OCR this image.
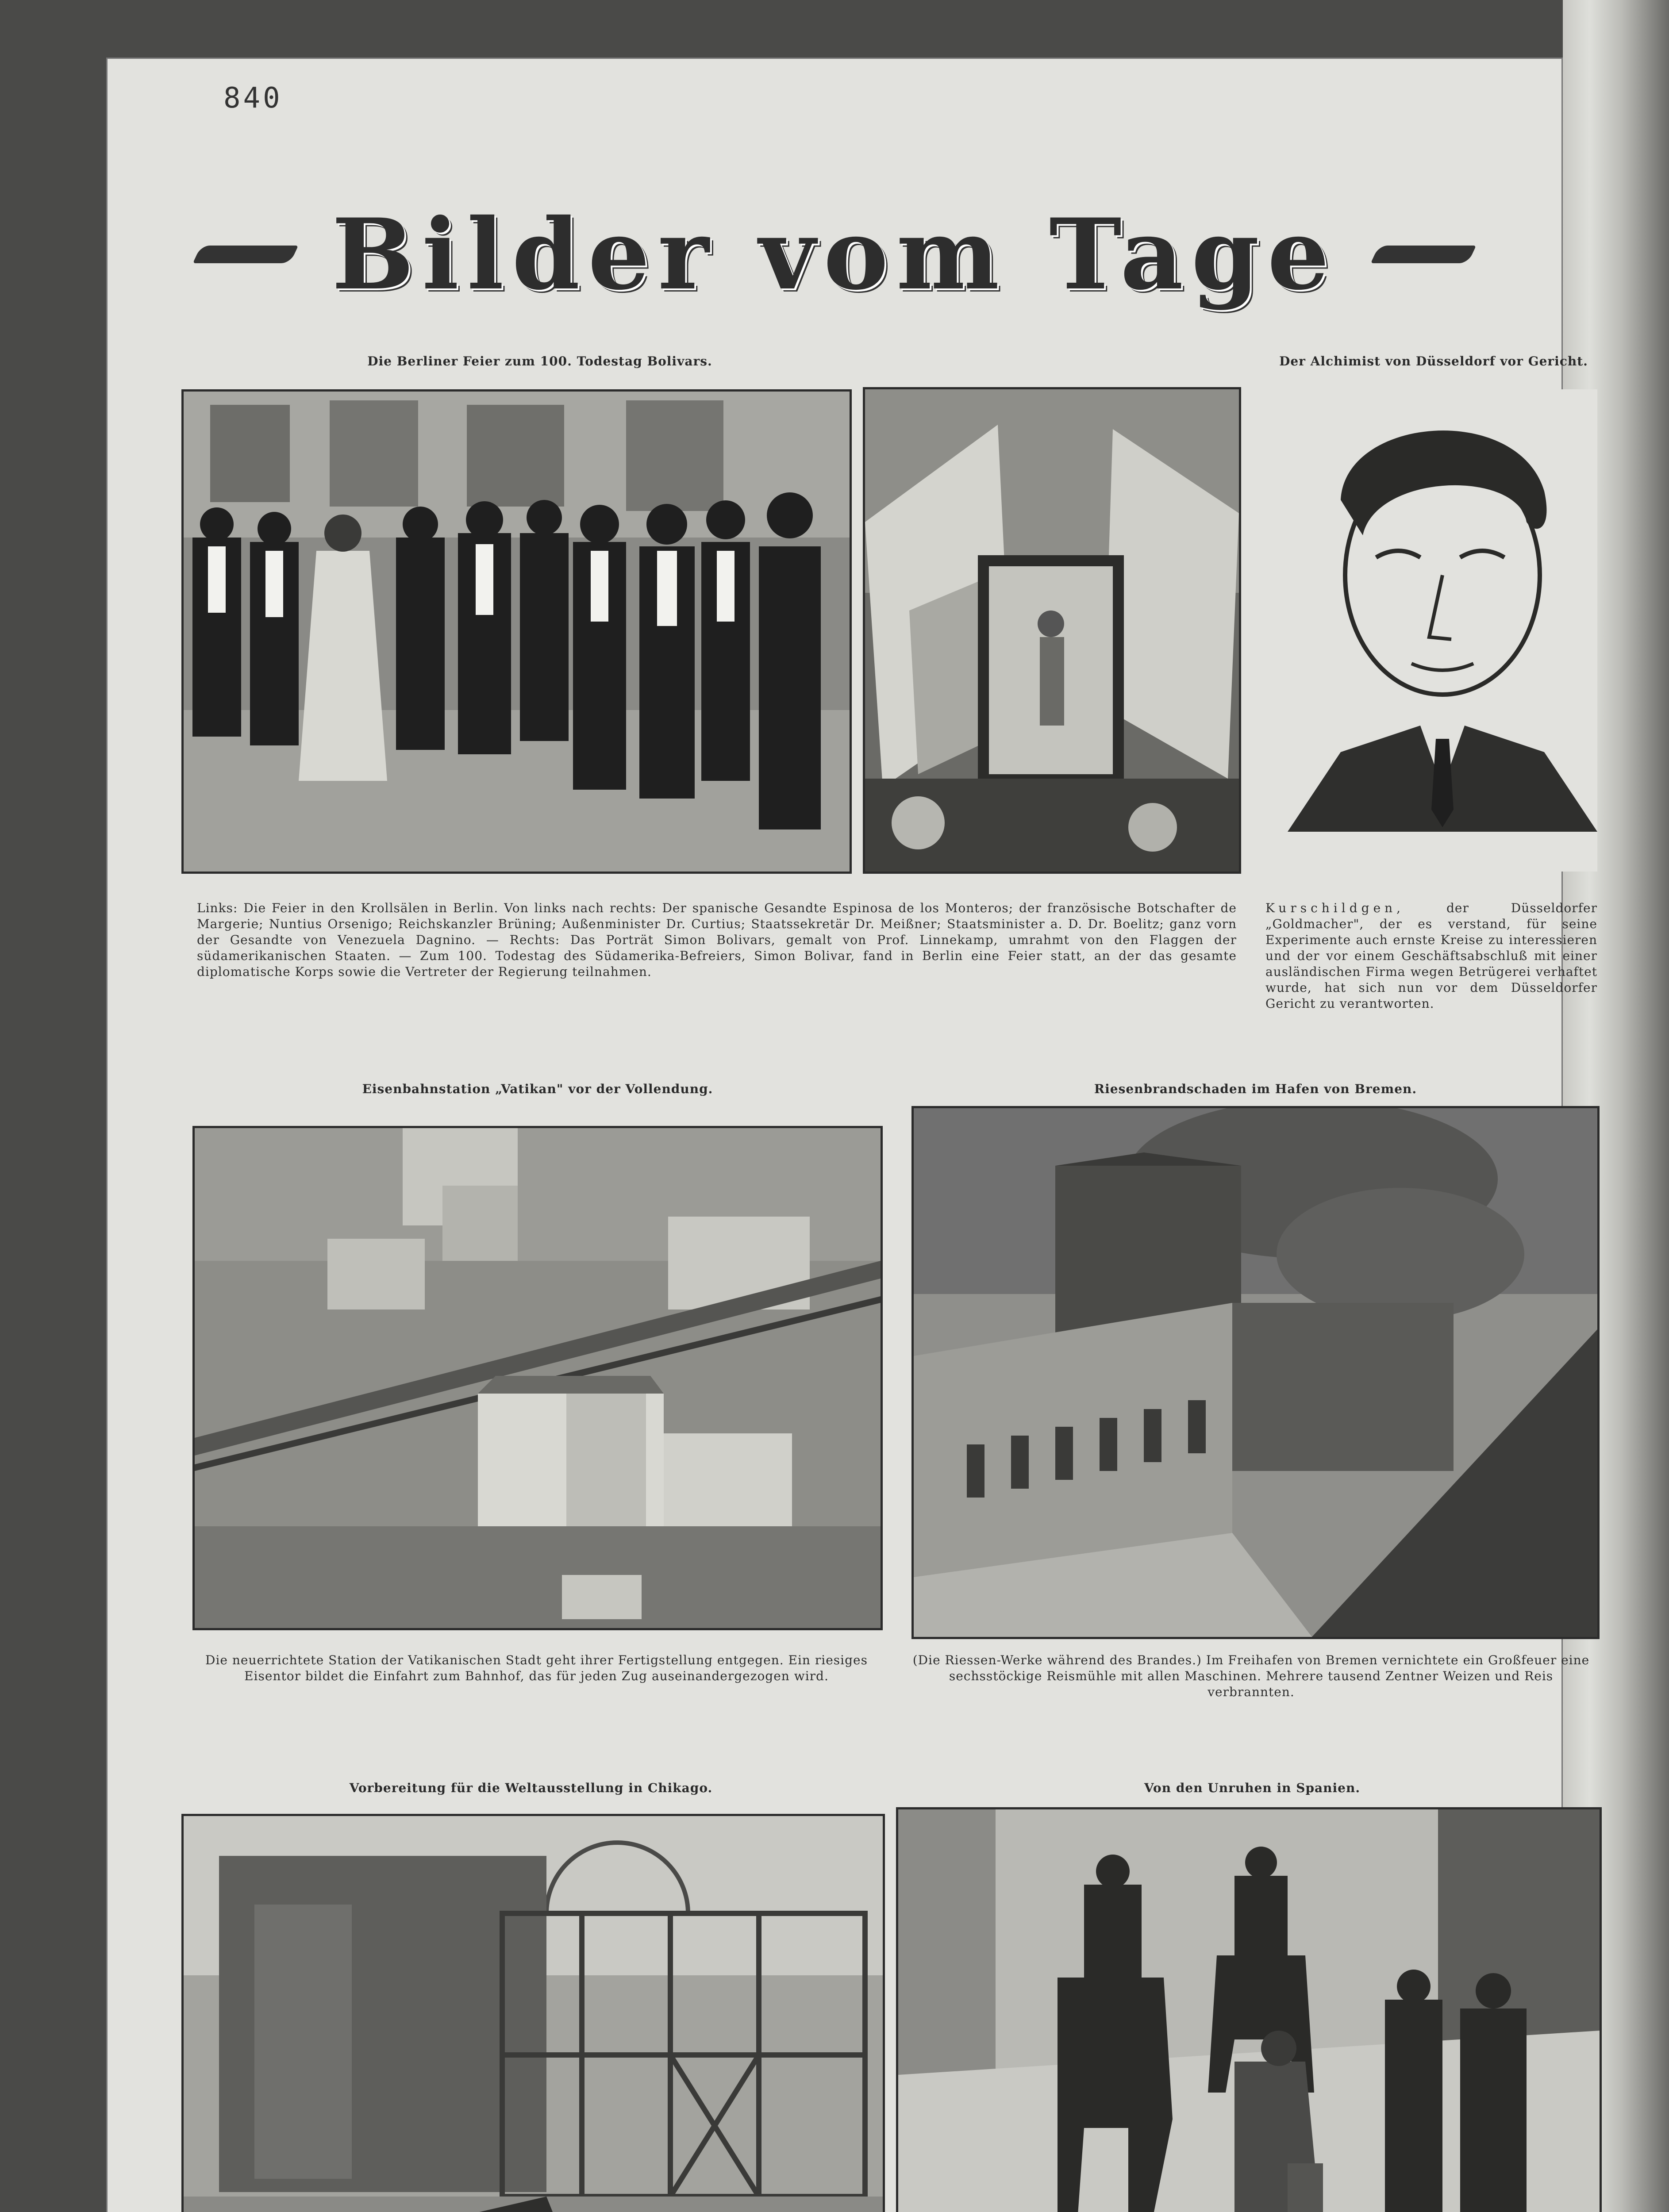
840
Bilder vom Tage
Die Berliner Feier zum 100. Todestag Bolivars.	Der Alchimist von Düsseldorf vor Gericht.
Links: Die Feier in den Krollsälen in Berlin. Von links nach rechts: Der spanische Gesandte Espinosa de los Monteros; der französische Botschafter de Margerie; Nuntius Orsenigo; Reichskanzler Brüning; Außenminister Dr. Curtius; Staatssekretär Dr. Meißner; Staatsminister a. D. Dr. Boelitz; ganz vorn der Gesandte von Venezuela Dagnino. — Rechts: Das Porträt Simon Bolivars, gemalt von Prof. Linnekamp, umrahmt von den Flaggen der südamerikanischen Staaten. — Zum 100. Todestag des Südamerika-Befreiers, Simon Bolivar, fand in Berlin eine Feier statt, an der das gesamte diplomatische Korps sowie die Vertreter der Regierung teilnahmen.
Kurschildgen,	der Düsseldorfer „Goldmacher", der es verstand, für seine Experimente auch ernste Kreise zu interessieren und der vor einem Geschäftsabschluß mit einer ausländischen Firma wegen Betrügerei verhaftet wurde, hat sich nun vor dem Düsseldorfer Gericht zu verantworten.
Eisenbahnstation „Vatikan" vor der Vollendung.
Die neuerrichtete Station der Vatikanischen Stadt geht ihrer Fertigstellung entgegen. Ein riesiges Eisentor bildet die Einfahrt zum Bahnhof, das für jeden Zug auseinandergezogen wird.
Riesenbrandschaden im Hafen von Bremen.
(Die Riessen-Werke während des Brandes.) Im Freihafen von Bremen vernichtete ein Großfeuer eine sechsstöckige Reismühle mit allen Maschinen. Mehrere tausend Zentner Weizen und Reis verbrannten.
Vorbereitung für die Weltausstellung in Chikago.	Von den Unruhen in Spanien.
